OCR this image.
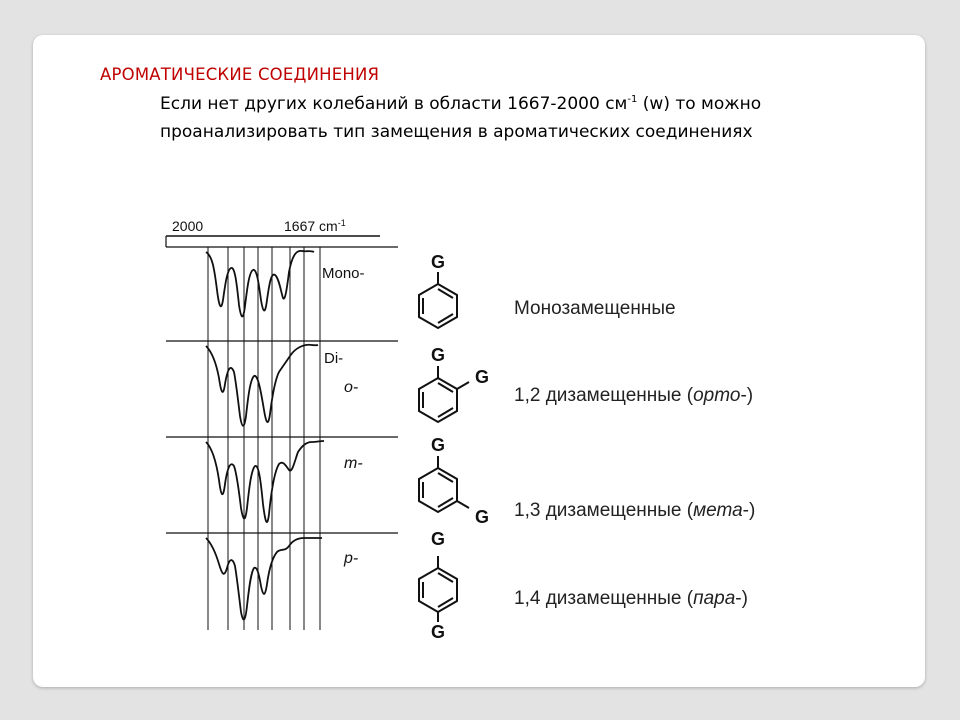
АРОМАТИЧЕСКИЕ СОЕДИНЕНИЯ
Если нет других колебаний в области 1667-2000 $см^{-1}$ (w) то можно
проанализировать тип замещения в ароматических соединениях
2000	1667 $cm^{-1}$
Mono-
Di-
o-
m-
p-
G
G
G
G
G
G
G
Монозамещенные
1,2 дизамещенные (орто-)
1,3 дизамещенные (мета-)
1,4 дизамещенные (пара-)
